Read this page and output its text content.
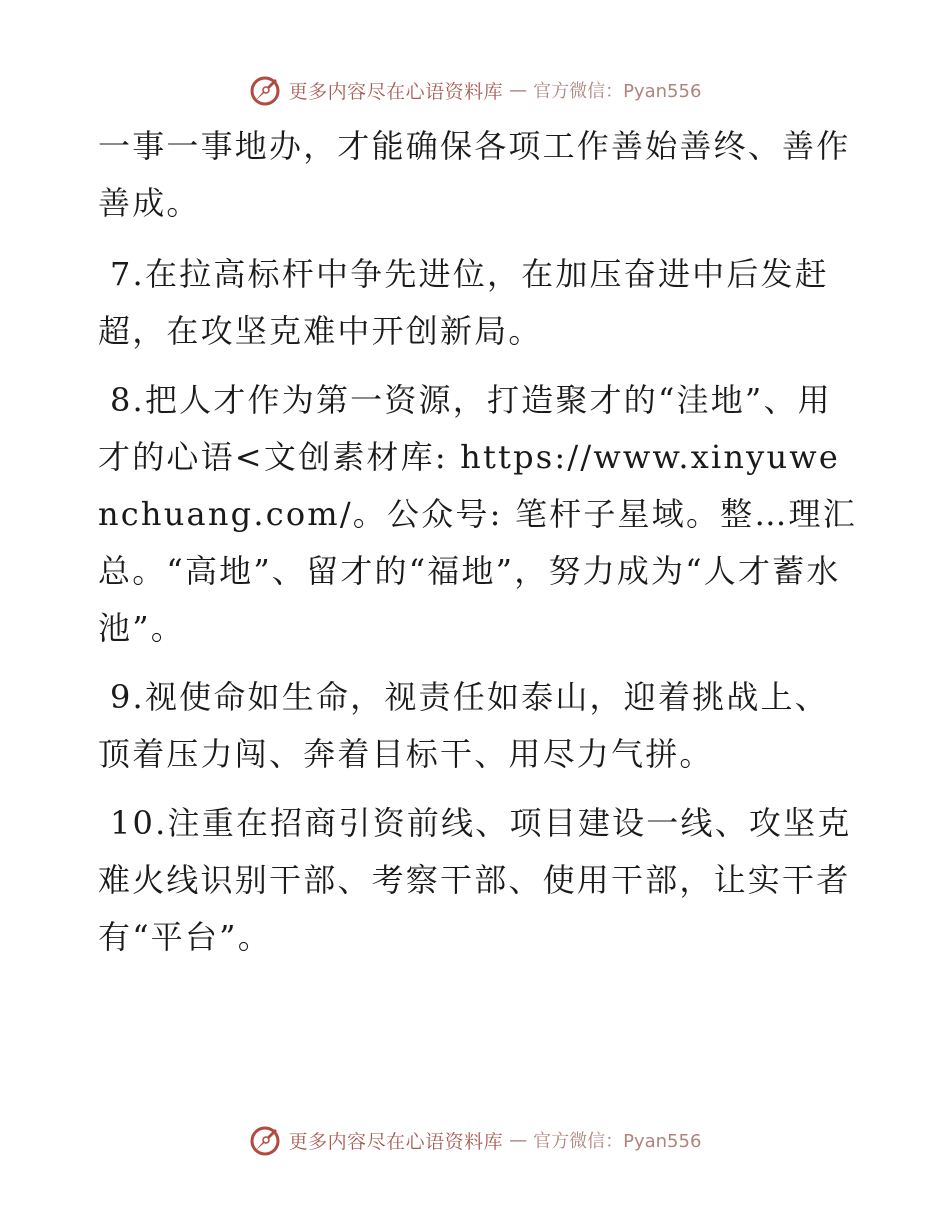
更多内容尽在心语资料库 — 官方微信：Pyan556

一事一事地办，才能确保各项工作善始善终、善作善成。

7.在拉高标杆中争先进位，在加压奋进中后发赶超，在攻坚克难中开创新局。

8.把人才作为第一资源，打造聚才的“洼地”、用才的心语<文创素材库: https://www.xinyuwenchuang.com/。公众号: 笔杆子星域。整…理汇总。“高地”、留才的“福地”，努力成为“人才蓄水池”。

9.视使命如生命，视责任如泰山，迎着挑战上、顶着压力闯、奔着目标干、用尽力气拼。

10.注重在招商引资前线、项目建设一线、攻坚克难火线识别干部、考察干部、使用干部，让实干者有“平台”。

更多内容尽在心语资料库 — 官方微信：Pyan556
